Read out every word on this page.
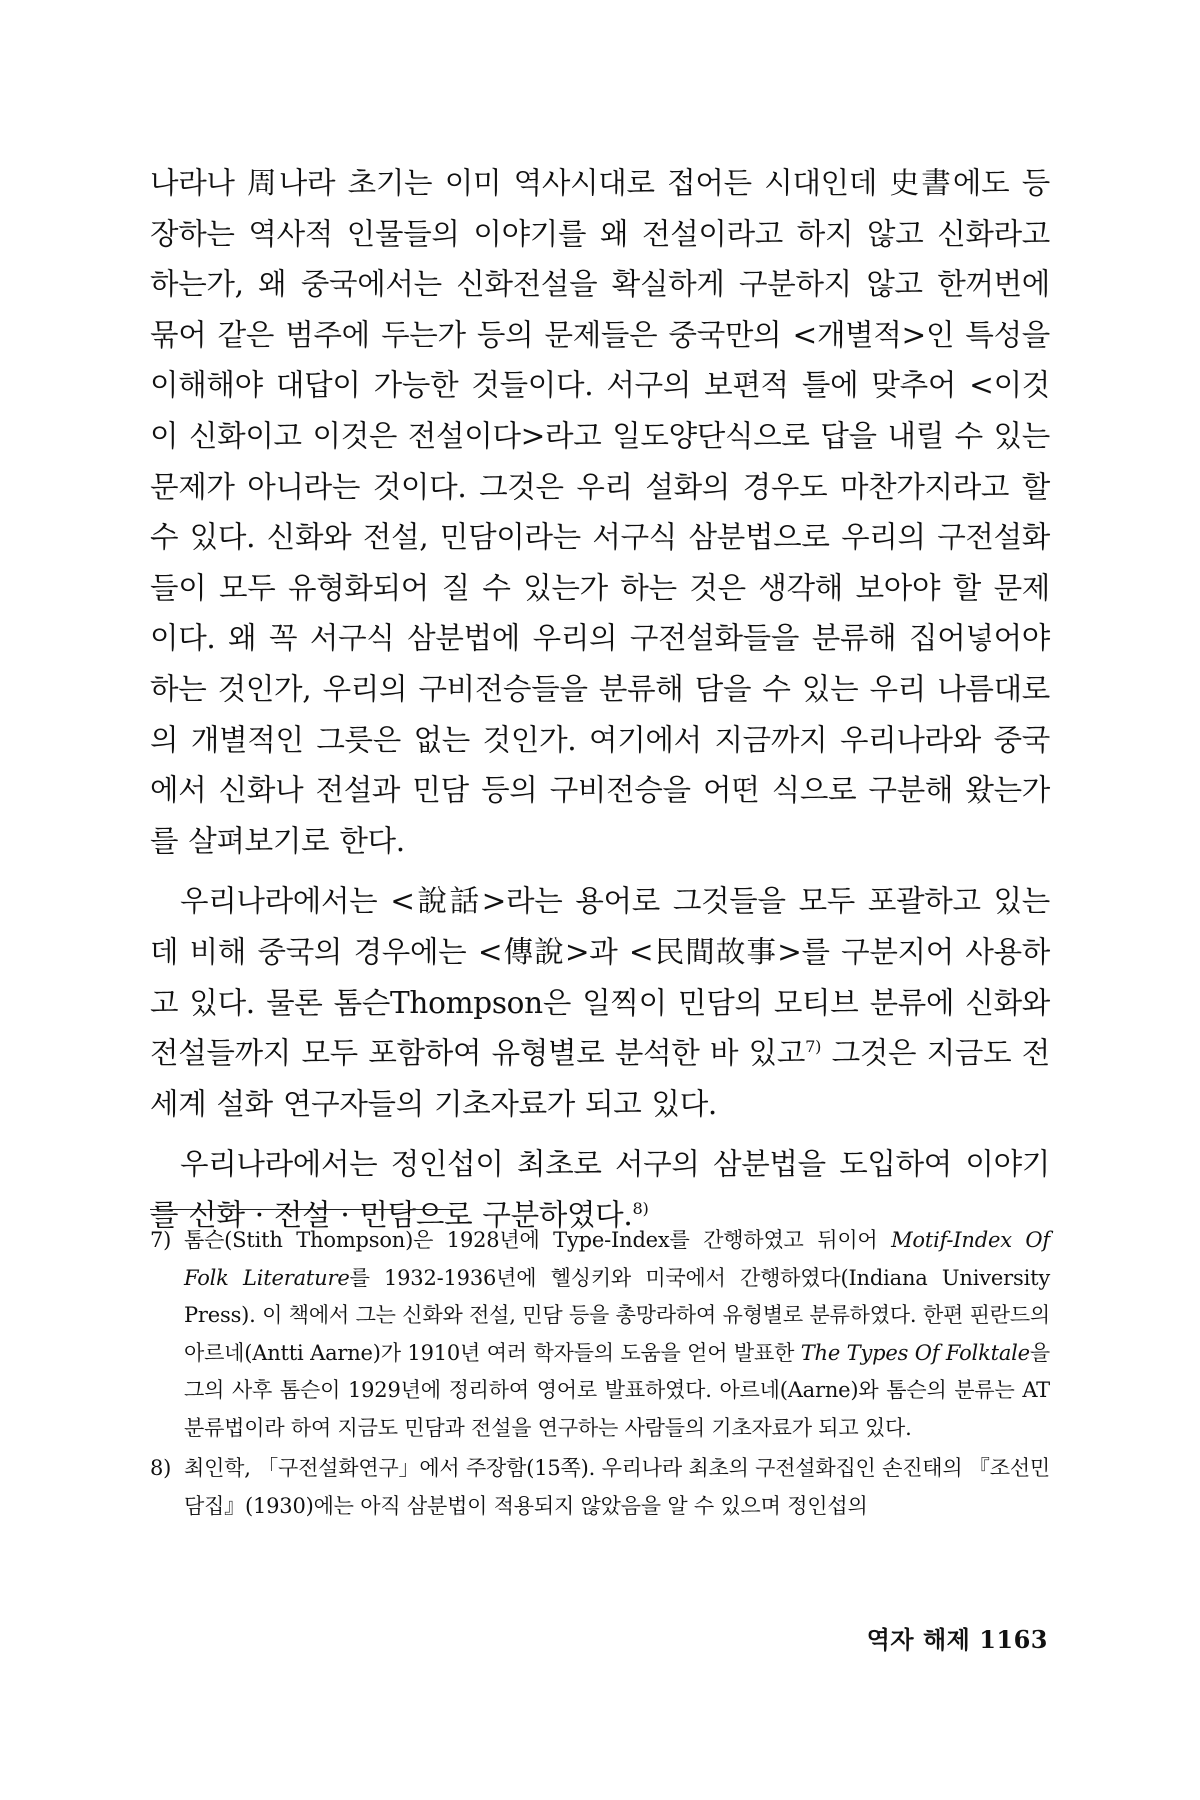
나라나 周나라 초기는 이미 역사시대로 접어든 시대인데 史書에도 등장하는 역사적 인물들의 이야기를 왜 전설이라고 하지 않고 신화라고 하는가, 왜 중국에서는 신화전설을 확실하게 구분하지 않고 한꺼번에 묶어 같은 범주에 두는가 등의 문제들은 중국만의 <개별적>인 특성을 이해해야 대답이 가능한 것들이다. 서구의 보편적 틀에 맞추어 <이것이 신화이고 이것은 전설이다>라고 일도양단식으로 답을 내릴 수 있는 문제가 아니라는 것이다. 그것은 우리 설화의 경우도 마찬가지라고 할 수 있다. 신화와 전설, 민담이라는 서구식 삼분법으로 우리의 구전설화들이 모두 유형화되어 질 수 있는가 하는 것은 생각해 보아야 할 문제이다. 왜 꼭 서구식 삼분법에 우리의 구전설화들을 분류해 집어넣어야 하는 것인가, 우리의 구비전승들을 분류해 담을 수 있는 우리 나름대로의 개별적인 그릇은 없는 것인가. 여기에서 지금까지 우리나라와 중국에서 신화나 전설과 민담 등의 구비전승을 어떤 식으로 구분해 왔는가를 살펴보기로 한다.

우리나라에서는 <說話>라는 용어로 그것들을 모두 포괄하고 있는데 비해 중국의 경우에는 <傳說>과 <民間故事>를 구분지어 사용하고 있다. 물론 톰슨Thompson은 일찍이 민담의 모티브 분류에 신화와 전설들까지 모두 포함하여 유형별로 분석한 바 있고$^{7)}$ 그것은 지금도 전세계 설화 연구자들의 기초자료가 되고 있다.

우리나라에서는 정인섭이 최초로 서구의 삼분법을 도입하여 이야기를 신화 · 전설 · 민담으로 구분하였다.$^{8)}$

7) 톰슨(Stith Thompson)은 1928년에 Type-Index를 간행하였고 뒤이어 Motif-Index Of Folk Literature를 1932-1936년에 헬싱키와 미국에서 간행하였다(Indiana University Press). 이 책에서 그는 신화와 전설, 민담 등을 총망라하여 유형별로 분류하였다. 한편 핀란드의 아르네(Antti Aarne)가 1910년 여러 학자들의 도움을 얻어 발표한 The Types Of Folktale을 그의 사후 톰슨이 1929년에 정리하여 영어로 발표하였다. 아르네(Aarne)와 톰슨의 분류는 AT분류법이라 하여 지금도 민담과 전설을 연구하는 사람들의 기초자료가 되고 있다.
8) 최인학, 「구전설화연구」에서 주장함(15쪽). 우리나라 최초의 구전설화집인 손진태의 『조선민담집』(1930)에는 아직 삼분법이 적용되지 않았음을 알 수 있으며 정인섭의
역자 해제 1163
